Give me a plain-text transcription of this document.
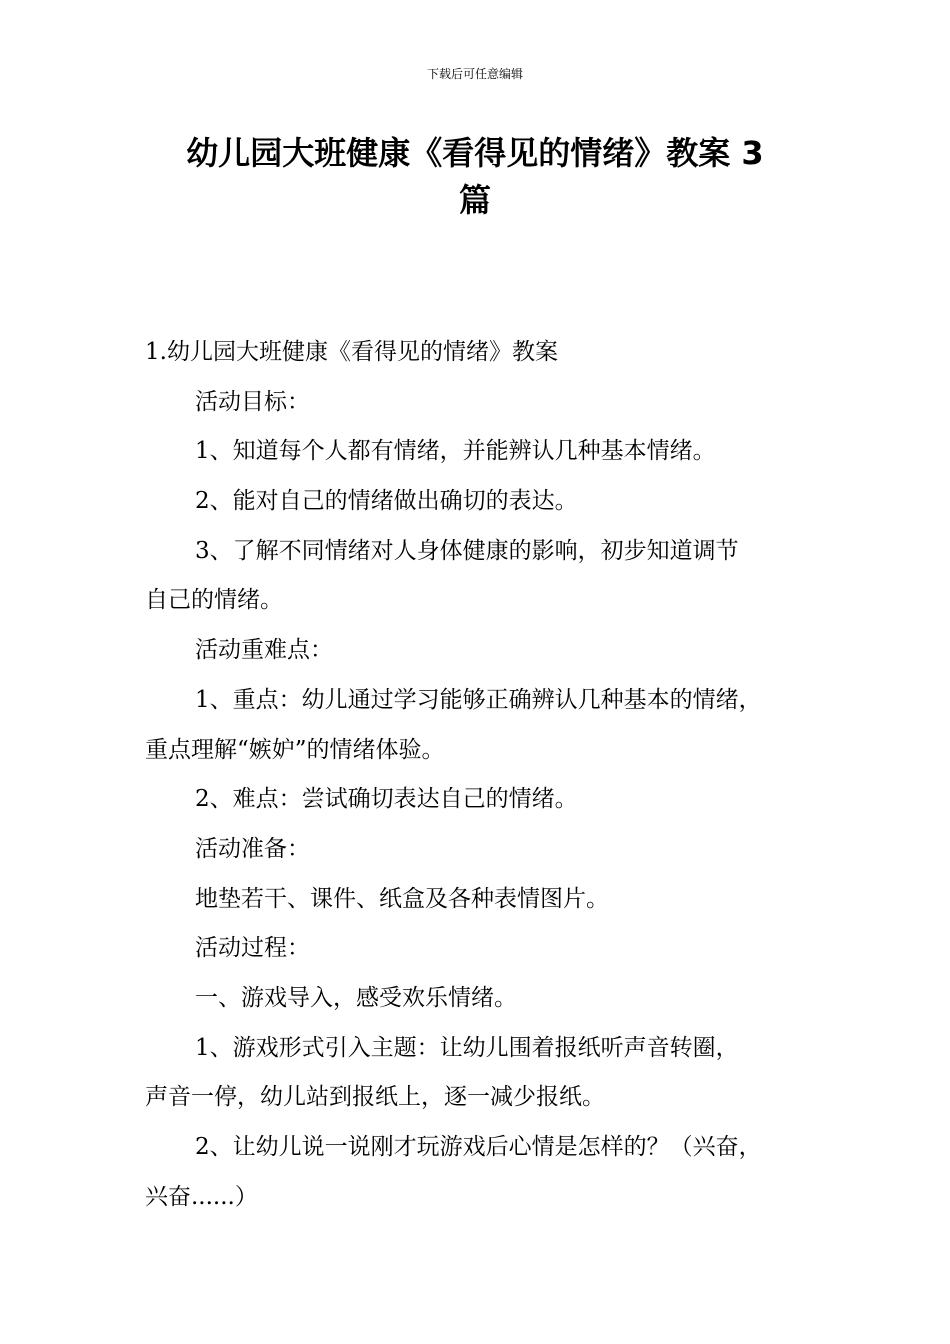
下载后可任意编辑
幼儿园大班健康《看得见的情绪》教案 3
篇
1.幼儿园大班健康《看得见的情绪》教案
活动目标：
1、知道每个人都有情绪，并能辨认几种基本情绪。
2、能对自己的情绪做出确切的表达。
3、了解不同情绪对人身体健康的影响，初步知道调节
自己的情绪。
活动重难点：
1、重点：幼儿通过学习能够正确辨认几种基本的情绪，
重点理解“嫉妒”的情绪体验。
2、难点：尝试确切表达自己的情绪。
活动准备：
地垫若干、课件、纸盒及各种表情图片。
活动过程：
一、游戏导入，感受欢乐情绪。
1、游戏形式引入主题：让幼儿围着报纸听声音转圈，
声音一停，幼儿站到报纸上，逐一减少报纸。
2、让幼儿说一说刚才玩游戏后心情是怎样的？（兴奋，
兴奋......）
